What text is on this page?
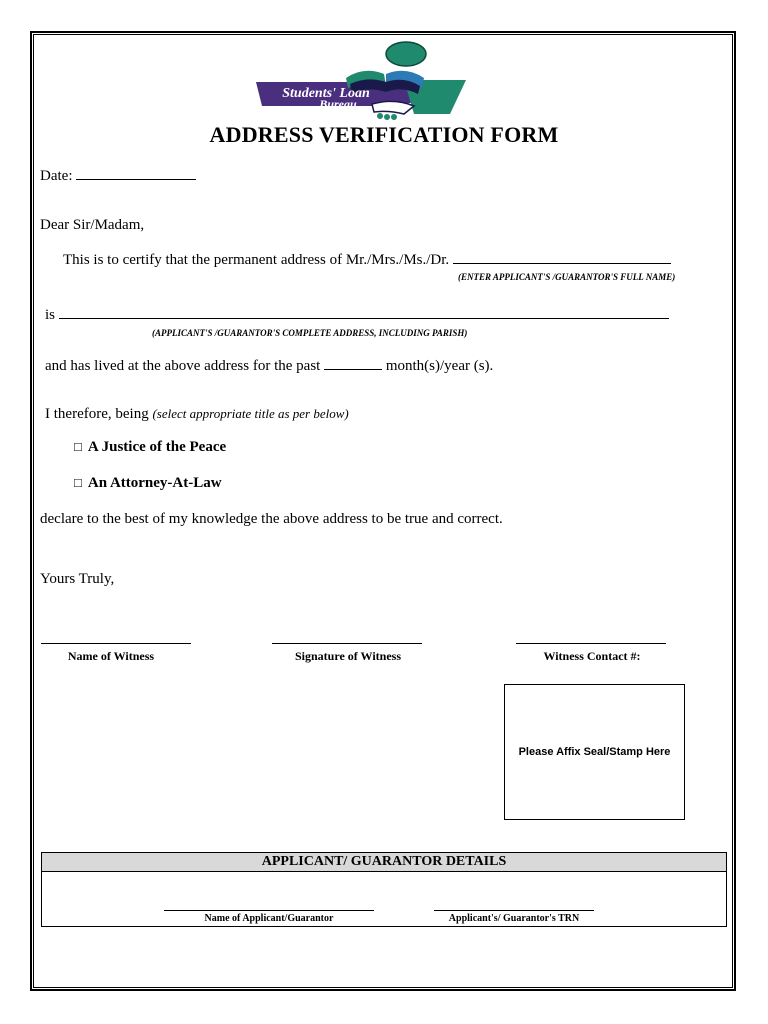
Students' Loan
Bureau
ADDRESS VERIFICATION FORM
Date:
Dear Sir/Madam,
This is to certify that the permanent address of Mr./Mrs./Ms./Dr.
(ENTER APPLICANT'S /GUARANTOR'S FULL NAME)
is
(APPLICANT'S /GUARANTOR'S COMPLETE ADDRESS, INCLUDING PARISH)
and has lived at the above address for the past	month(s)/year (s).
I therefore, being (select appropriate title as per below)
□ A Justice of the Peace
□ An Attorney-At-Law
declare to the best of my knowledge the above address to be true and correct.
Yours Truly,
Name of Witness	Signature of Witness	Witness Contact #:
Please Affix Seal/Stamp Here
APPLICANT/ GUARANTOR DETAILS
Name of Applicant/Guarantor	Applicant's/ Guarantor's TRN
